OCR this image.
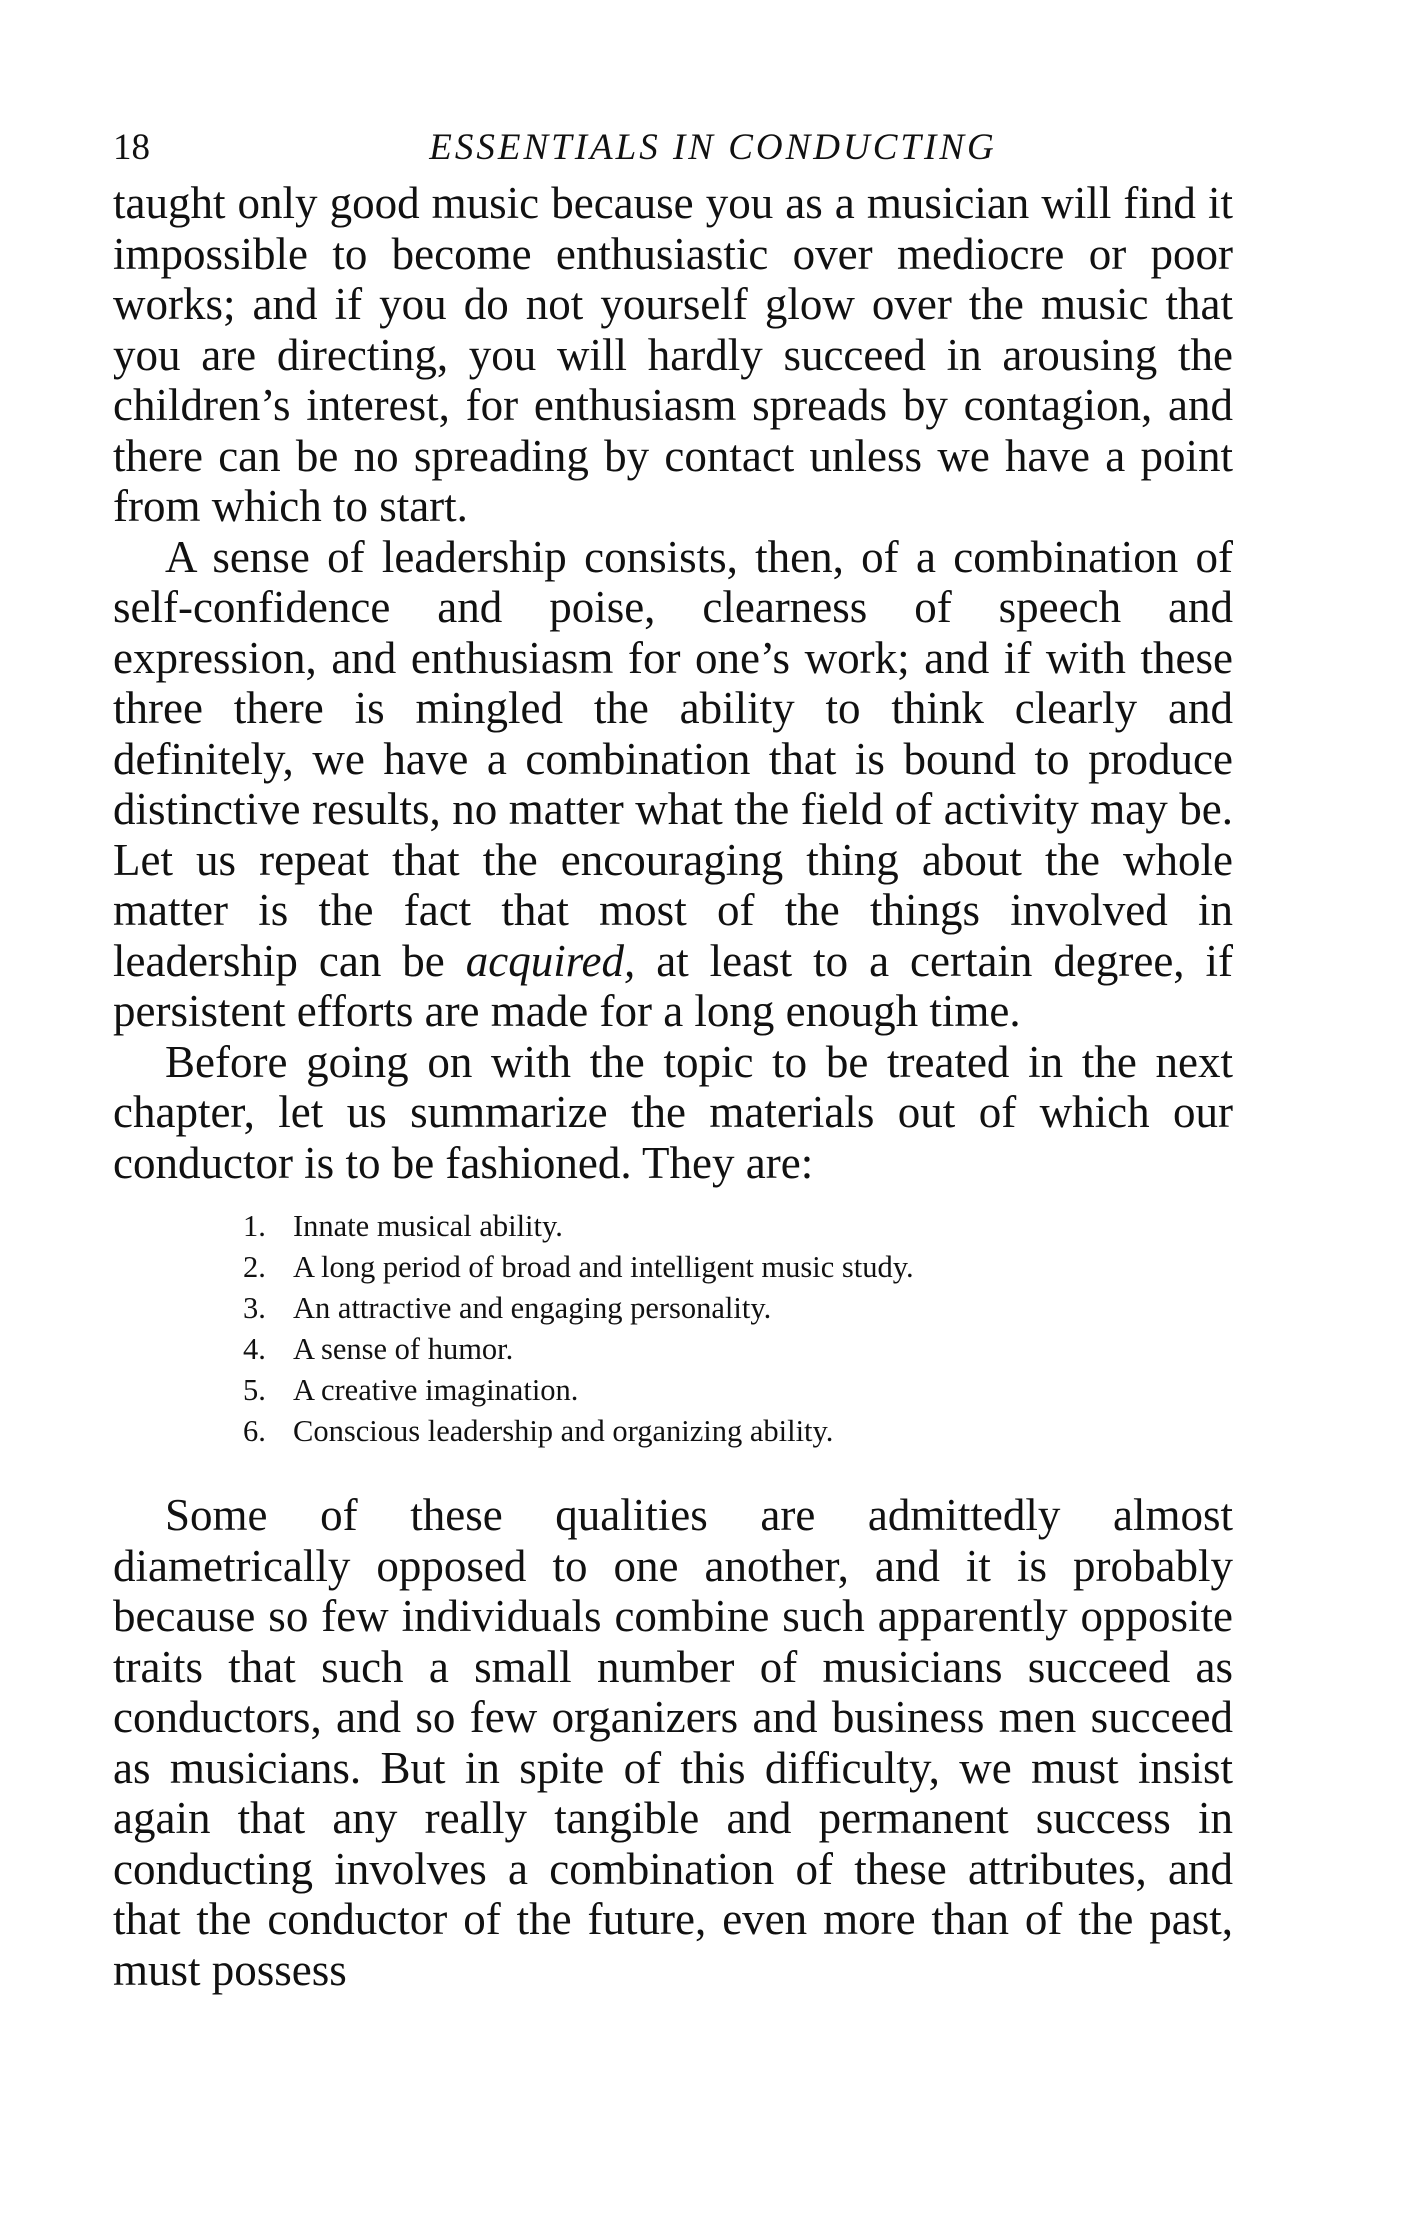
18	ESSENTIALS IN CONDUCTING

taught only good music because you as a musician will find it impossible to become enthusiastic over mediocre or poor works; and if you do not yourself glow over the music that you are directing, you will hardly succeed in arousing the children’s interest, for enthusiasm spreads by contagion, and there can be no spreading by contact unless we have a point from which to start.

A sense of leadership consists, then, of a combination of self-confidence and poise, clearness of speech and expression, and enthusiasm for one’s work; and if with these three there is mingled the ability to think clearly and definitely, we have a combination that is bound to produce distinctive results, no matter what the field of activity may be. Let us repeat that the encouraging thing about the whole matter is the fact that most of the things involved in leadership can be acquired, at least to a certain degree, if persistent efforts are made for a long enough time.

Before going on with the topic to be treated in the next chapter, let us summarize the materials out of which our conductor is to be fashioned. They are:

1. Innate musical ability.
2. A long period of broad and intelligent music study.
3. An attractive and engaging personality.
4. A sense of humor.
5. A creative imagination.
6. Conscious leadership and organizing ability.

Some of these qualities are admittedly almost diametrically opposed to one another, and it is probably because so few individuals combine such apparently opposite traits that such a small number of musicians succeed as conductors, and so few organizers and business men succeed as musicians. But in spite of this difficulty, we must insist again that any really tangible and permanent success in conducting involves a combination of these attributes, and that the conductor of the future, even more than of the past, must possess
